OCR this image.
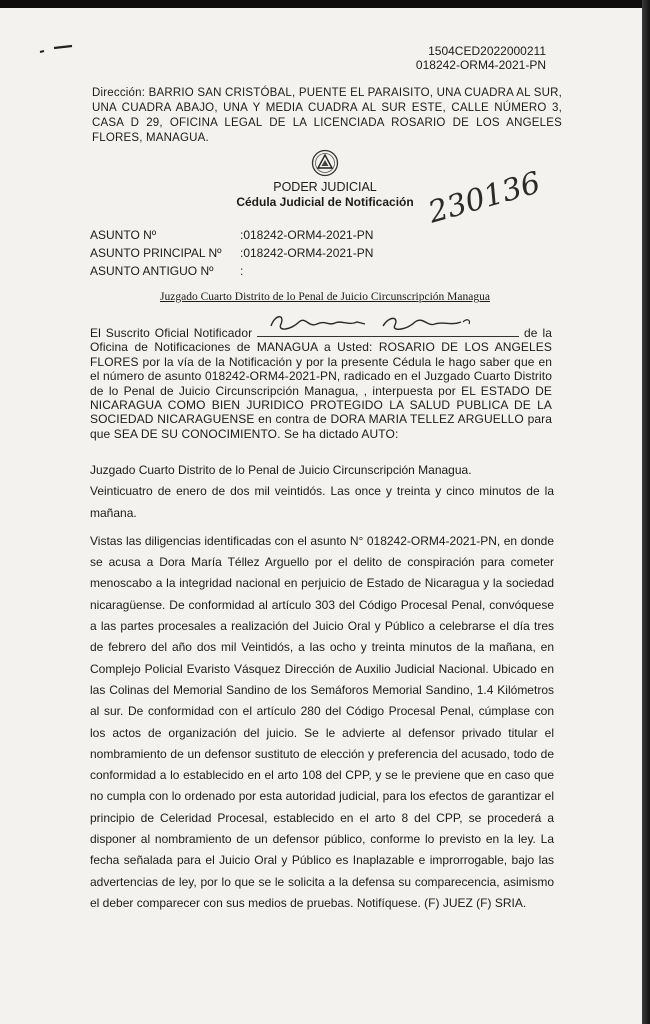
1504CED2022000211
018242-ORM4-2021-PN
Dirección: BARRIO SAN CRISTÓBAL, PUENTE EL PARAISITO, UNA CUADRA AL SUR, UNA CUADRA ABAJO, UNA Y MEDIA CUADRA AL SUR ESTE, CALLE NÚMERO 3, CASA D 29, OFICINA LEGAL DE LA LICENCIADA ROSARIO DE LOS ANGELES FLORES, MANAGUA.
PODER JUDICIAL
Cédula Judicial de Notificación 230136
ASUNTO Nº	:018242-ORM4-2021-PN
ASUNTO PRINCIPAL Nº	:018242-ORM4-2021-PN
ASUNTO ANTIGUO Nº	:
Juzgado Cuarto Distrito de lo Penal de Juicio Circunscripción Managua
El Suscrito Oficial Notificador	de la Oficina de Notificaciones de MANAGUA a Usted: ROSARIO DE LOS ANGELES FLORES por la vía de la Notificación y por la presente Cédula le hago saber que en el número de asunto 018242-ORM4-2021-PN, radicado en el Juzgado Cuarto Distrito de lo Penal de Juicio Circunscripción Managua, , interpuesta por EL ESTADO DE NICARAGUA COMO BIEN JURIDICO PROTEGIDO LA SALUD PUBLICA DE LA SOCIEDAD NICARAGUENSE en contra de DORA MARIA TELLEZ ARGUELLO para que SEA DE SU CONOCIMIENTO. Se ha dictado AUTO:

Juzgado Cuarto Distrito de lo Penal de Juicio Circunscripción Managua.

Veinticuatro de enero de dos mil veintidós. Las once y treinta y cinco minutos de la mañana.

Vistas las diligencias identificadas con el asunto N° 018242-ORM4-2021-PN, en donde se acusa a Dora María Téllez Arguello por el delito de conspiración para cometer menoscabo a la integridad nacional en perjuicio de Estado de Nicaragua y la sociedad nicaragüense. De conformidad al artículo 303 del Código Procesal Penal, convóquese a las partes procesales a realización del Juicio Oral y Público a celebrarse el día tres de febrero del año dos mil Veintidós, a las ocho y treinta minutos de la mañana, en Complejo Policial Evaristo Vásquez Dirección de Auxilio Judicial Nacional. Ubicado en las Colinas del Memorial Sandino de los Semáforos Memorial Sandino, 1.4 Kilómetros al sur. De conformidad con el artículo 280 del Código Procesal Penal, cúmplase con los actos de organización del juicio. Se le advierte al defensor privado titular el nombramiento de un defensor sustituto de elección y preferencia del acusado, todo de conformidad a lo establecido en el arto 108 del CPP, y se le previene que en caso que no cumpla con lo ordenado por esta autoridad judicial, para los efectos de garantizar el principio de Celeridad Procesal, establecido en el arto 8 del CPP, se procederá a disponer al nombramiento de un defensor público, conforme lo previsto en la ley. La fecha señalada para el Juicio Oral y Público es Inaplazable e improrrogable, bajo las advertencias de ley, por lo que se le solicita a la defensa su comparecencia, asimismo el deber comparecer con sus medios de pruebas. Notifíquese. (F) JUEZ (F) SRIA.
